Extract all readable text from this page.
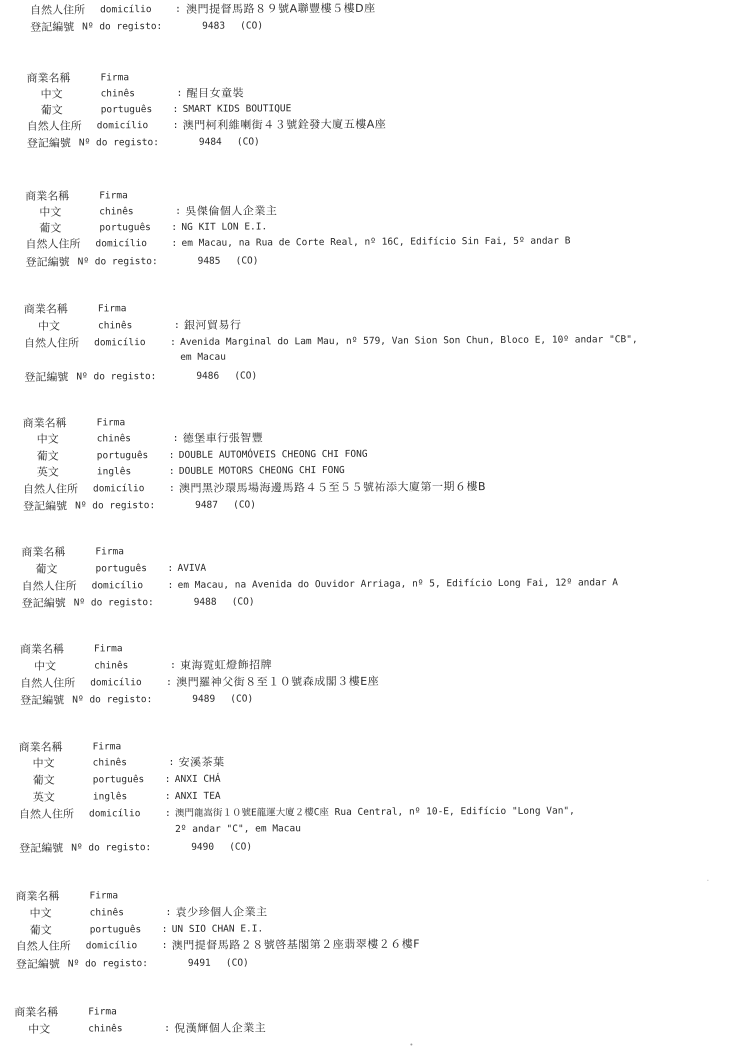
自然人住所 domicílio : 澳門提督馬路８９號A聯豐樓５樓D座
登記編號 Nº do registo:	9483 (CO)
商業名稱	Firma
中文	chinês	: 醒目女童裝
葡文	português : SMART KIDS BOUTIQUE
自然人住所 domicílio	: 澳門柯利維喇街４３號銓發大廈五樓A座
登記編號 Nº do registo:	9484 (CO)
商業名稱	Firma
中文	chinês	: 吳傑倫個人企業主
葡文	português : NG KIT LON E.I.
自然人住所 domicílio	: em Macau, na Rua de Corte Real, nº 16C, Edifício Sin Fai, 5º andar B
登記編號 Nº do registo:	9485 (CO)
商業名稱	Firma
中文	chinês	: 銀河貿易行
自然人住所 domicílio	: Avenida Marginal do Lam Mau, nº 579, Van Sion Son Chun, Bloco E, 10º andar "CB",
em Macau
登記編號 Nº do registo:	9486 (CO)
商業名稱	Firma
中文	chinês	: 德堡車行張智豐
葡文	português : DOUBLE AUTOMÓVEIS CHEONG CHI FONG
英文	inglês	: DOUBLE MOTORS CHEONG CHI FONG
自然人住所 domicílio	: 澳門黑沙環馬場海邊馬路４５至５５號祐添大廈第一期６樓B
登記編號 Nº do registo:	9487 (CO)
商業名稱	Firma
葡文	português : AVIVA
自然人住所 domicílio	: em Macau, na Avenida do Ouvidor Arriaga, nº 5, Edifício Long Fai, 12º andar A
登記編號 Nº do registo:	9488 (CO)
商業名稱	Firma
中文	chinês	: 東海霓虹燈飾招牌
自然人住所 domicílio	: 澳門羅神父街８至１０號森成閣３樓E座
登記編號 Nº do registo:	9489 (CO)
商業名稱	Firma
中文	chinês	: 安溪茶葉
葡文	português : ANXI CHÁ
英文	inglês	: ANXI TEA
自然人住所 domicílio	: 澳門龍嵩街１０號E龍運大廈２樓C座 Rua Central, nº 10-E, Edifício "Long Van",
2º andar "C", em Macau
登記編號 Nº do registo:	9490 (CO)
商業名稱	Firma
中文	chinês	: 袁少珍個人企業主
葡文	português : UN SIO CHAN E.I.
自然人住所 domicílio	: 澳門提督馬路２８號啓基閣第２座翡翠樓２６樓F
登記編號 Nº do registo:	9491 (CO)
商業名稱	Firma
中文	chinês	: 倪漢輝個人企業主
